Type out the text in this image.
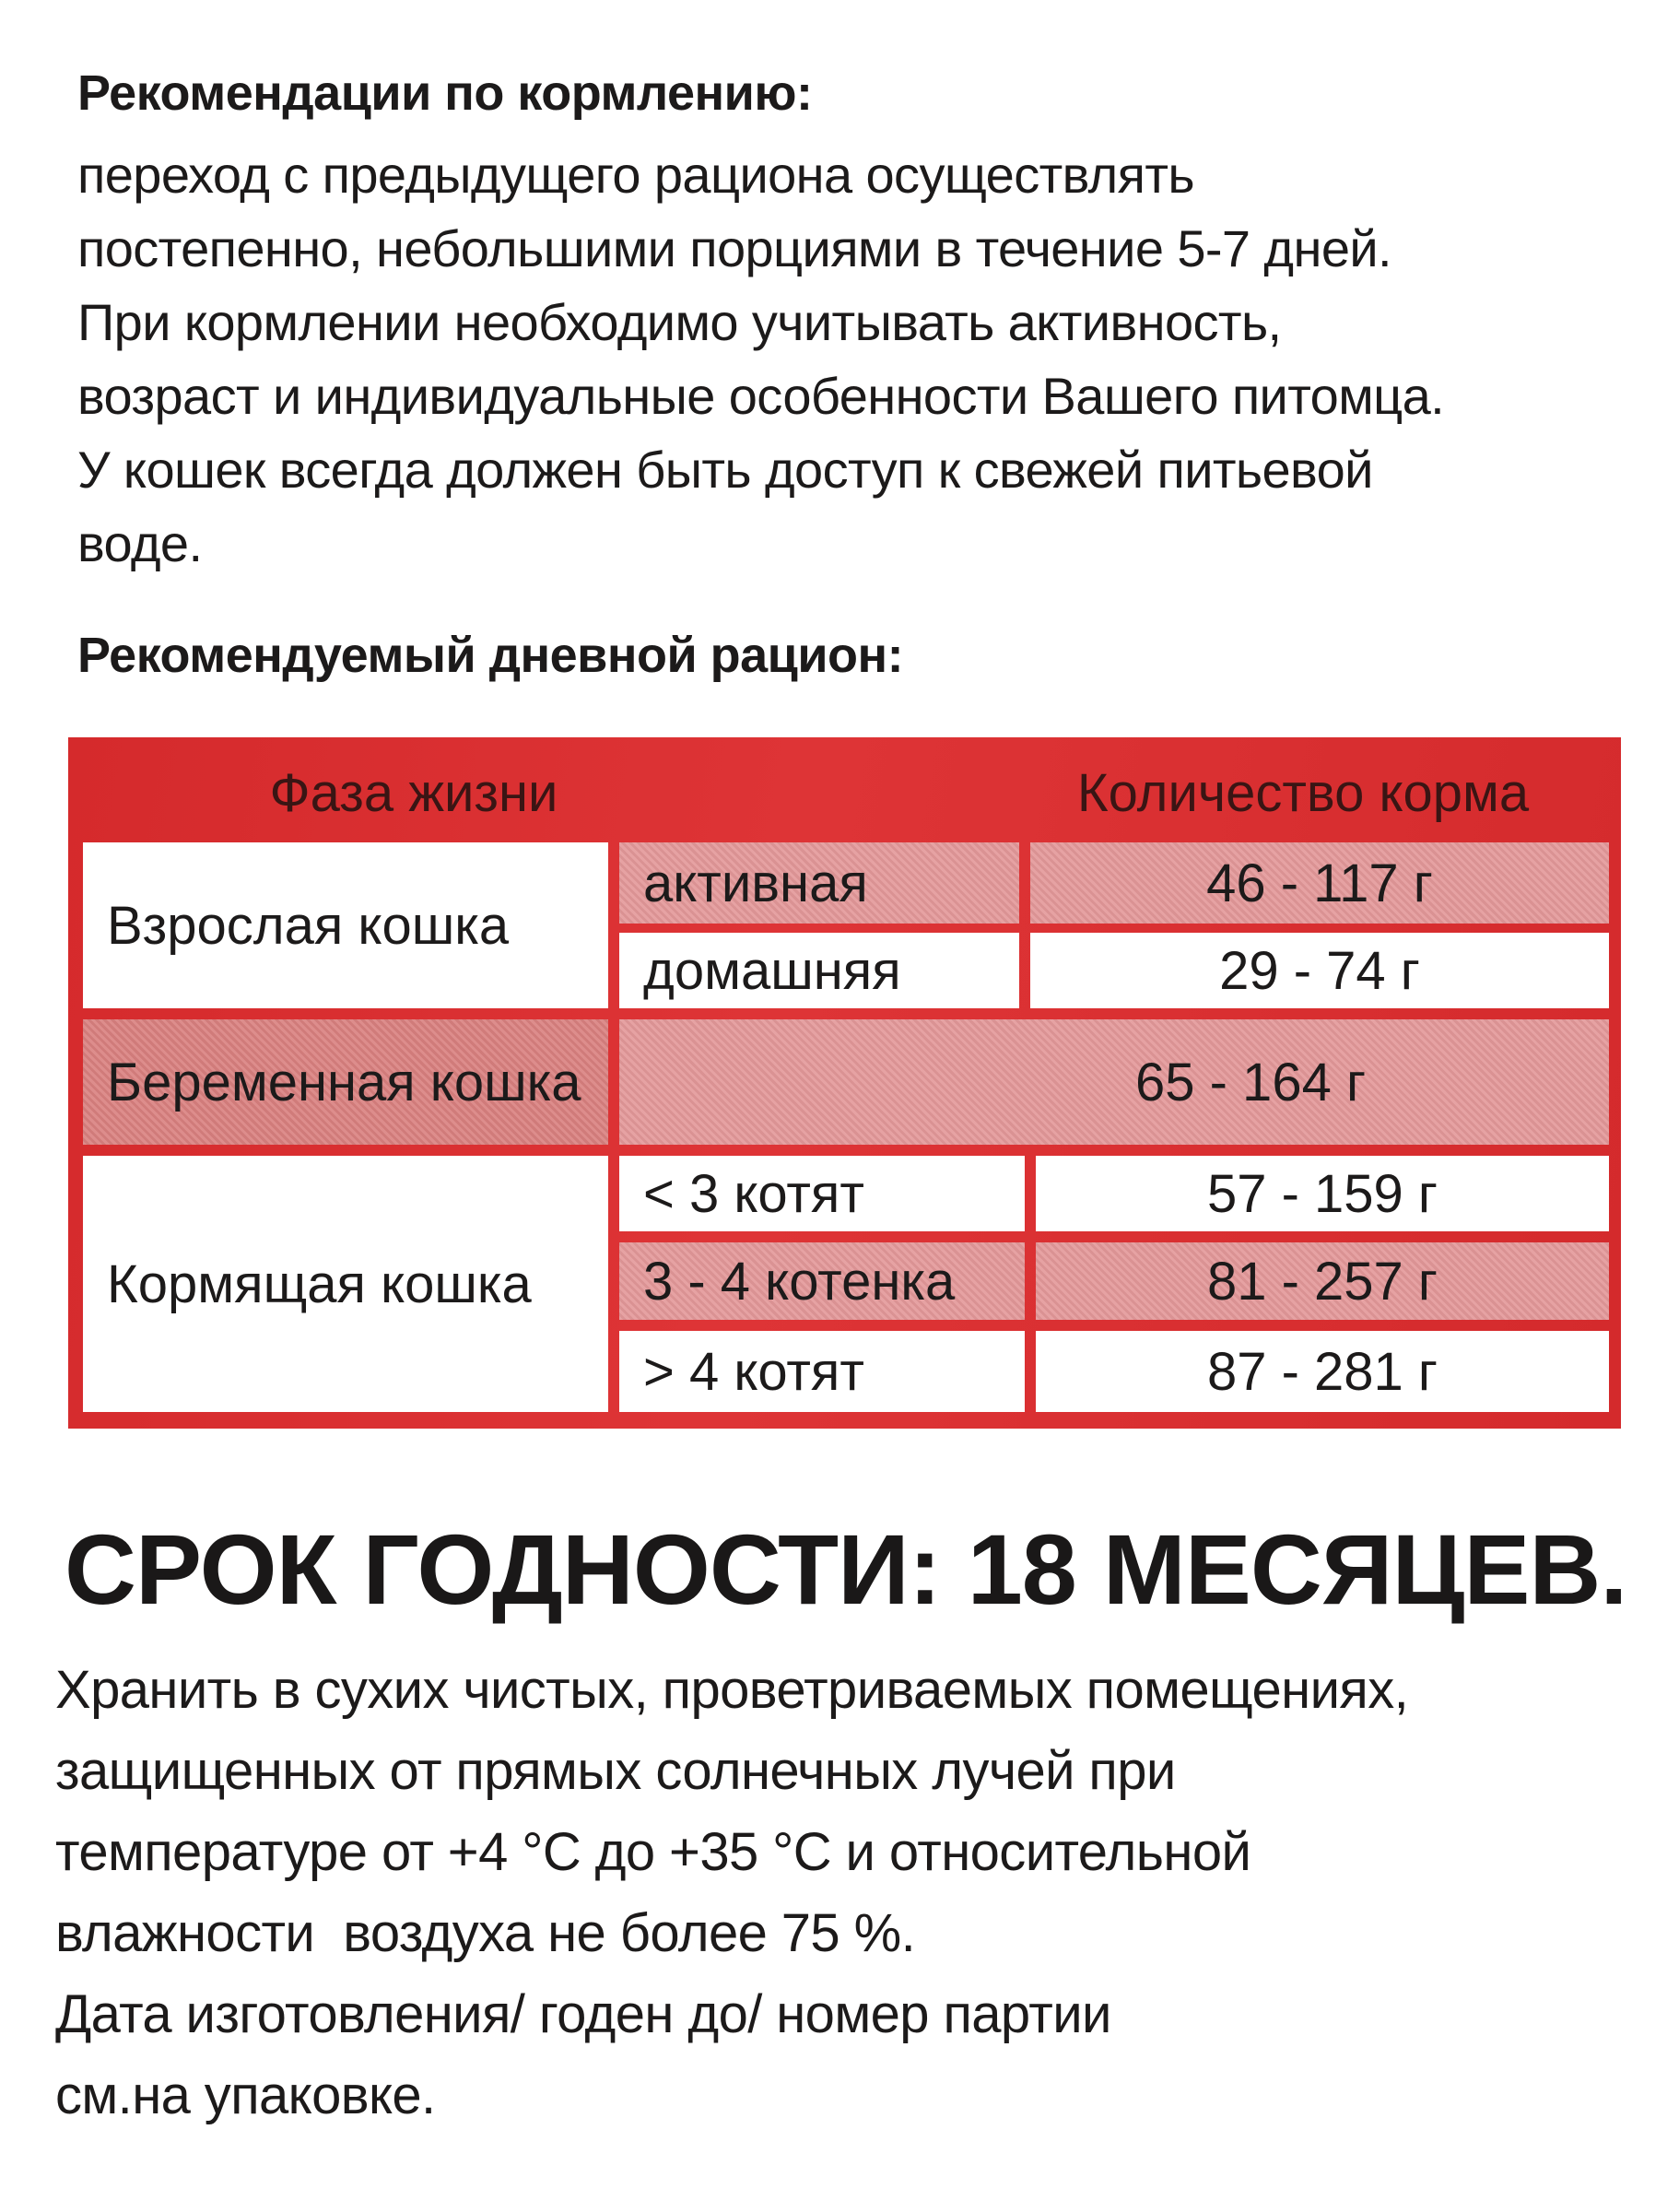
Рекомендации по кормлению:
переход с предыдущего рациона осуществлять
постепенно, небольшими порциями в течение 5-7 дней.
При кормлении необходимо учитывать активность,
возраст и индивидуальные особенности Вашего питомца.
У кошек всегда должен быть доступ к свежей питьевой
воде.
Рекомендуемый дневной рацион:
Фаза жизни	Количество корма
Взрослая кошка
активная	46 - 117 г
домашняя	29 - 74 г
Беременная кошка	65 - 164 г
Кормящая кошка
< 3 котят	57 - 159 г
3 - 4 котенка	81 - 257 г
> 4 котят	87 - 281 г
СРОК ГОДНОСТИ: 18 МЕСЯЦЕВ.
Хранить в сухих чистых, проветриваемых помещениях,
защищенных от прямых солнечных лучей при
температуре от +4 °С до +35 °С и относительной
влажности  воздуха не более 75 %.
Дата изготовления/ годен до/ номер партии
см.на упаковке.
